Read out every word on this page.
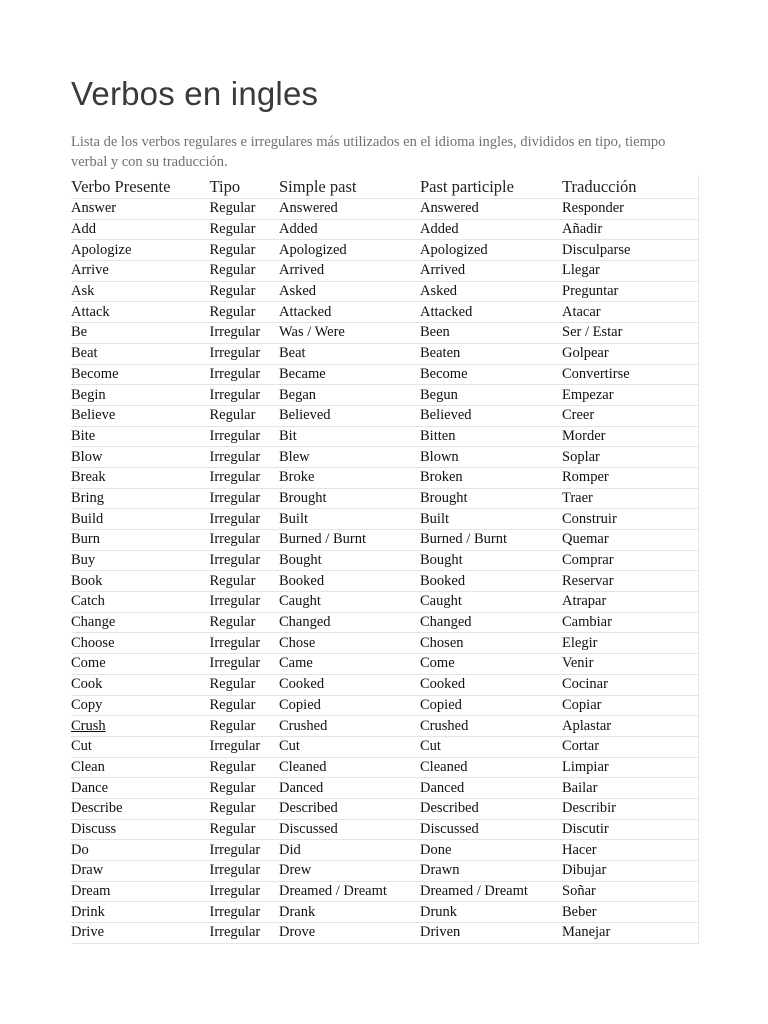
Verbos en ingles

Lista de los verbos regulares e irregulares más utilizados en el idioma ingles, divididos en tipo, tiempo verbal y con su traducción.

Verbo Presente	Tipo	Simple past	Past participle	Traducción
Answer	Regular	Answered	Answered	Responder
Add	Regular	Added	Added	Añadir
Apologize	Regular	Apologized	Apologized	Disculparse
Arrive	Regular	Arrived	Arrived	Llegar
Ask	Regular	Asked	Asked	Preguntar
Attack	Regular	Attacked	Attacked	Atacar
Be	Irregular	Was / Were	Been	Ser / Estar
Beat	Irregular	Beat	Beaten	Golpear
Become	Irregular	Became	Become	Convertirse
Begin	Irregular	Began	Begun	Empezar
Believe	Regular	Believed	Believed	Creer
Bite	Irregular	Bit	Bitten	Morder
Blow	Irregular	Blew	Blown	Soplar
Break	Irregular	Broke	Broken	Romper
Bring	Irregular	Brought	Brought	Traer
Build	Irregular	Built	Built	Construir
Burn	Irregular	Burned / Burnt	Burned / Burnt	Quemar
Buy	Irregular	Bought	Bought	Comprar
Book	Regular	Booked	Booked	Reservar
Catch	Irregular	Caught	Caught	Atrapar
Change	Regular	Changed	Changed	Cambiar
Choose	Irregular	Chose	Chosen	Elegir
Come	Irregular	Came	Come	Venir
Cook	Regular	Cooked	Cooked	Cocinar
Copy	Regular	Copied	Copied	Copiar
Crush	Regular	Crushed	Crushed	Aplastar
Cut	Irregular	Cut	Cut	Cortar
Clean	Regular	Cleaned	Cleaned	Limpiar
Dance	Regular	Danced	Danced	Bailar
Describe	Regular	Described	Described	Describir
Discuss	Regular	Discussed	Discussed	Discutir
Do	Irregular	Did	Done	Hacer
Draw	Irregular	Drew	Drawn	Dibujar
Dream	Irregular	Dreamed / Dreamt	Dreamed / Dreamt	Soñar
Drink	Irregular	Drank	Drunk	Beber
Drive	Irregular	Drove	Driven	Manejar
